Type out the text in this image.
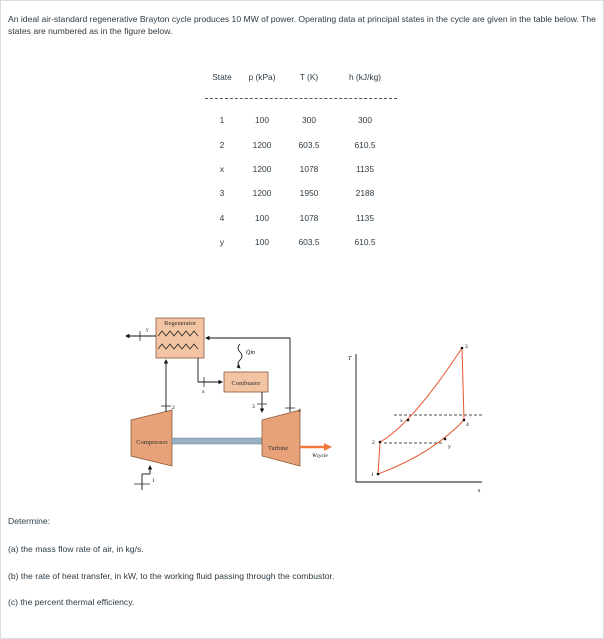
An ideal air-standard regenerative Brayton cycle produces 10 MW of power. Operating data at principal states in the cycle are given in the table below. The states are numbered as in the figure below.

State	p (kPa)	T (K)	h (kJ/kg)

1	100	300	300
2	1200	603.5	610.5
x	1200	1078	1135
3	1200	1950	2188
4	100	1078	1135
y	100	603.5	610.5
Regenerator
y
Compressor
Turbine
Ẇcycle
1
2
x
Combustor
Q̇in
3
4
T
s
1
2
3
4
x
y
Determine:
(a) the mass flow rate of air, in kg/s.
(b) the rate of heat transfer, in kW, to the working fluid passing through the combustor.
(c) the percent thermal efficiency.
